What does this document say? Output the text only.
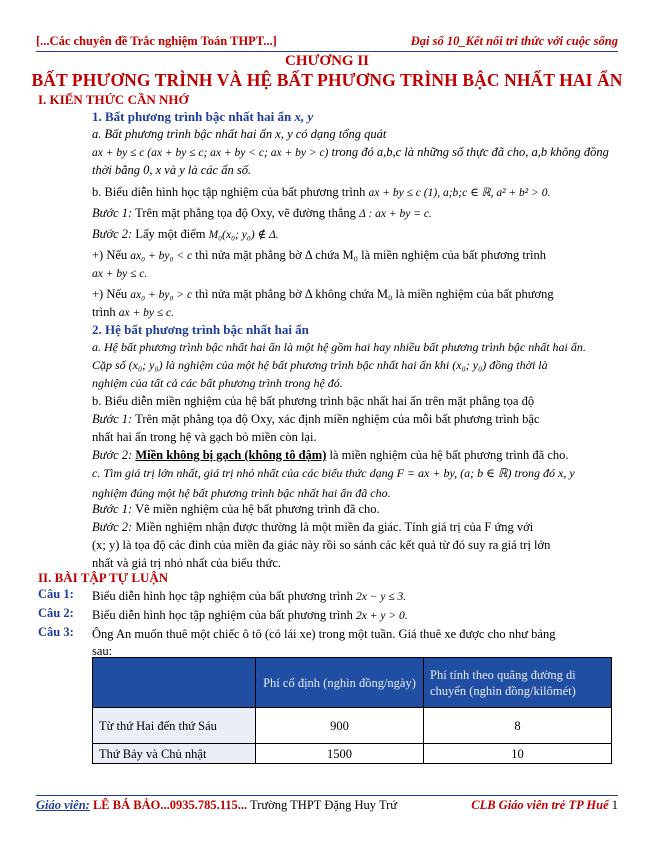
[...Các chuyên đề Trắc nghiệm Toán THPT...]	Đại số 10_Kết nối tri thức với cuộc sống
CHƯƠNG II
BẤT PHƯƠNG TRÌNH VÀ HỆ BẤT PHƯƠNG TRÌNH BẬC NHẤT HAI ẨN
I. KIẾN THỨC CẦN NHỚ
1. Bất phương trình bậc nhất hai ẩn x, y
a. Bất phương trình bậc nhất hai ẩn x, y có dạng tổng quát
ax + by ≤ c (ax + by ≤ c; ax + by < c; ax + by > c) trong đó a,b,c là những số thực đã cho, a,b không đồng
thời bằng 0, x và y là các ẩn số.
b. Biểu diễn hình học tập nghiệm của bất phương trình ax + by ≤ c (1), a;b;c ∈ ℝ, a² + b² > 0.
Bước 1: Trên mặt phẳng tọa độ Oxy, vẽ đường thẳng Δ : ax + by = c.
Bước 2: Lấy một điểm M₀(x₀; y₀) ∉ Δ.
+) Nếu ax₀ + by₀ < c thì nửa mặt phẳng bờ Δ chứa M₀ là miền nghiệm của bất phương trình
ax + by ≤ c.
+) Nếu ax₀ + by₀ > c thì nửa mặt phẳng bờ Δ không chứa M₀ là miền nghiệm của bất phương
trình ax + by ≤ c.
2. Hệ bất phương trình bậc nhất hai ẩn
a. Hệ bất phương trình bậc nhất hai ẩn là một hệ gồm hai hay nhiều bất phương trình bậc nhất hai ẩn.
Cặp số (x₀; y₀) là nghiệm của một hệ bất phương trình bậc nhất hai ẩn khi (x₀; y₀) đồng thời là
nghiệm của tất cả các bất phương trình trong hệ đó.
b. Biểu diễn miền nghiệm của hệ bất phương trình bậc nhất hai ẩn trên mặt phẳng tọa độ
Bước 1: Trên mặt phẳng tọa độ Oxy, xác định miền nghiệm của mỗi bất phương trình bậc
nhất hai ẩn trong hệ và gạch bỏ miền còn lại.
Bước 2: Miền không bị gạch (không tô đậm) là miền nghiệm của hệ bất phương trình đã cho.
c. Tìm giá trị lớn nhất, giá trị nhỏ nhất của các biểu thức dạng F = ax + by, (a; b ∈ ℝ) trong đó x, y
nghiệm đúng một hệ bất phương trình bậc nhất hai ẩn đã cho.
Bước 1: Vẽ miền nghiệm của hệ bất phương trình đã cho.
Bước 2: Miền nghiệm nhận được thường là một miền đa giác. Tính giá trị của F ứng với
(x; y) là tọa độ các đỉnh của miền đa giác này rồi so sánh các kết quả từ đó suy ra giá trị lớn
nhất và giá trị nhỏ nhất của biểu thức.
II. BÀI TẬP TỰ LUẬN
Câu 1: Biểu diễn hình học tập nghiệm của bất phương trình 2x − y ≤ 3.
Câu 2: Biểu diễn hình học tập nghiệm của bất phương trình 2x + y > 0.
Câu 3: Ông An muốn thuê một chiếc ô tô (có lái xe) trong một tuần. Giá thuê xe được cho như bảng
sau:
	Phí cố định (nghìn đồng/ngày)	Phí tính theo quãng đường di chuyển (nghìn đồng/kilômét)
Từ thứ Hai đến thứ Sáu	900	8
Thứ Bảy và Chủ nhật	1500	10
Giáo viên: LÊ BÁ BẢO...0935.785.115... Trường THPT Đặng Huy Trứ	CLB Giáo viên trẻ TP Huế 1
